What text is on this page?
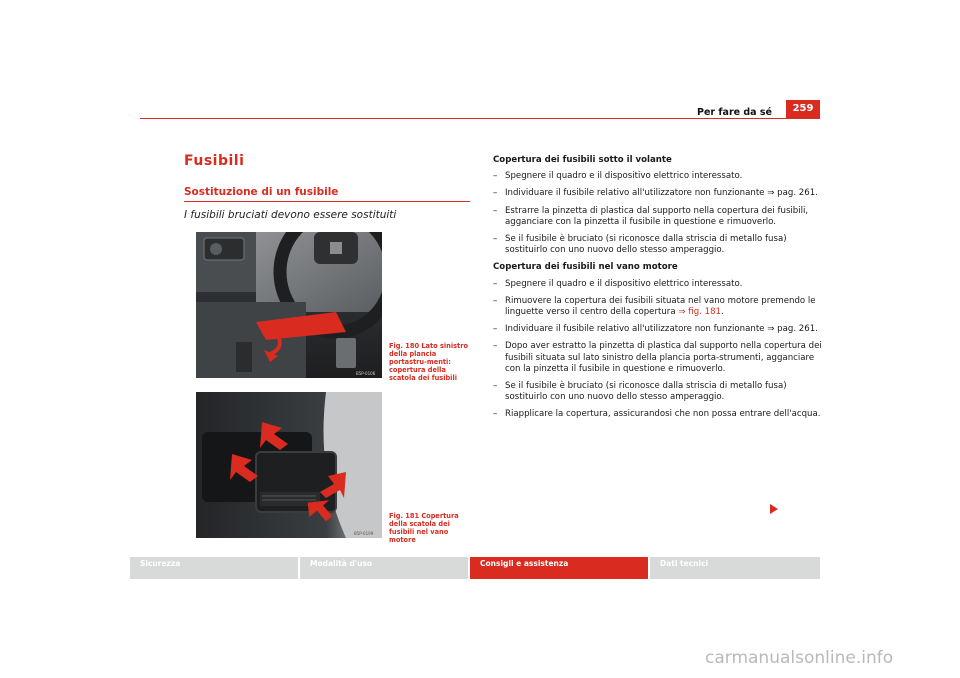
Per fare da sé	259
Fusibili
Sostituzione di un fusibile
I fusibili bruciati devono essere sostituiti
B5P-0106
Fig. 180 Lato sinistro della plancia portastru-menti: copertura della scatola dei fusibili
B5P-0199
Fig. 181 Copertura della scatola dei fusibili nel vano motore
Copertura dei fusibili sotto il volante
– Spegnere il quadro e il dispositivo elettrico interessato.
– Individuare il fusibile relativo all'utilizzatore non funzionante ⇒ pag. 261.
– Estrarre la pinzetta di plastica dal supporto nella copertura dei fusibili, agganciare con la pinzetta il fusibile in questione e rimuoverlo.
– Se il fusibile è bruciato (si riconosce dalla striscia di metallo fusa) sostituirlo con uno nuovo dello stesso amperaggio.
Copertura dei fusibili nel vano motore
– Spegnere il quadro e il dispositivo elettrico interessato.
– Rimuovere la copertura dei fusibili situata nel vano motore premendo le linguette verso il centro della copertura ⇒ fig. 181.
– Individuare il fusibile relativo all'utilizzatore non funzionante ⇒ pag. 261.
– Dopo aver estratto la pinzetta di plastica dal supporto nella copertura dei fusibili situata sul lato sinistro della plancia porta-strumenti, agganciare con la pinzetta il fusibile in questione e rimuoverlo.
– Se il fusibile è bruciato (si riconosce dalla striscia di metallo fusa) sostituirlo con uno nuovo dello stesso amperaggio.
– Riapplicare la copertura, assicurandosi che non possa entrare dell'acqua.
Sicurezza	Modalità d'uso	Consigli e assistenza	Dati tecnici
carmanualsonline.info
